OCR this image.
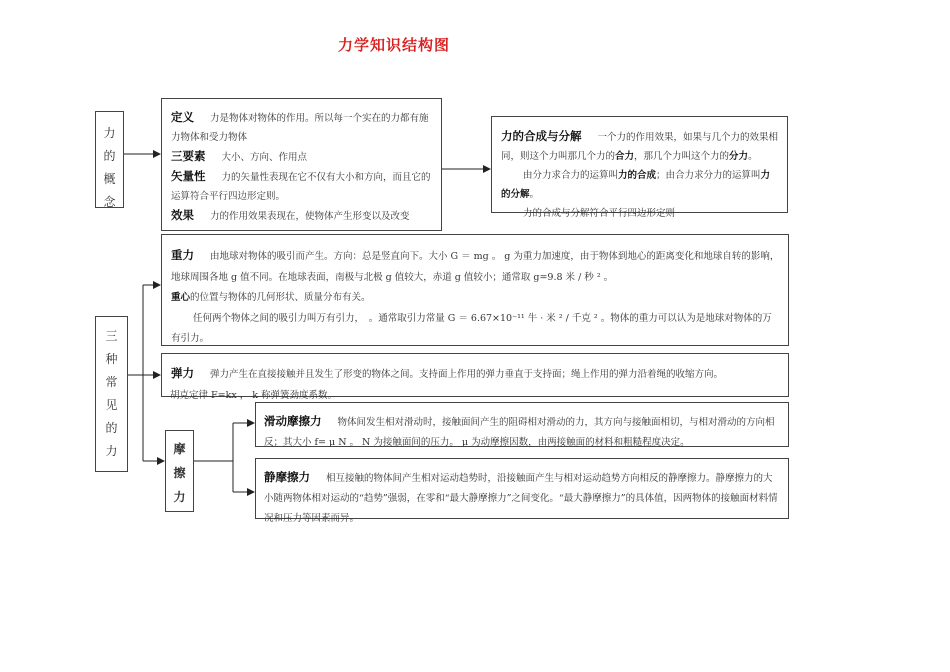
力学知识结构图
力
的
概
念
定义 力是物体对物体的作用。所以每一个实在的力都有施力物体和受力物体
三要素 大小、方向、作用点
矢量性 力的矢量性表现在它不仅有大小和方向，而且它的运算符合平行四边形定则。
效果 力的作用效果表现在，使物体产生形变以及改变
力的合成与分解 一个力的作用效果，如果与几个力的效果相同，则这个力叫那几个力的合力，那几个力叫这个力的分力。
由分力求合力的运算叫力的合成；由合力求分力的运算叫力的分解。
力的合成与分解符合平行四边形定则
三
种
常
见
的
力
重力 由地球对物体的吸引而产生。方向：总是竖直向下。大小 G ＝ mg 。 g 为重力加速度，由于物体到地心的距离变化和地球自转的影响，地球周围各地 g 值不同。在地球表面，南极与北极 g 值较大，赤道 g 值较小；通常取 g=9.8 米 / 秒 ² 。
重心的位置与物体的几何形状、质量分布有关。
任何两个物体之间的吸引力叫万有引力，　。通常取引力常量 G ＝ 6.67×10⁻¹¹ 牛 · 米 ² / 千克 ² 。物体的重力可以认为是地球对物体的万有引力。
弹力 弹力产生在直接接触并且发生了形变的物体之间。支持面上作用的弹力垂直于支持面；绳上作用的弹力沿着绳的收缩方向。
胡克定律 F=kx ， k 称弹簧劲度系数。
摩
擦
力
滑动摩擦力 物体间发生相对滑动时，接触面间产生的阻碍相对滑动的力，其方向与接触面相切，与相对滑动的方向相反；其大小 f= μ N 。 N 为接触面间的压力。 μ 为动摩擦因数，由两接触面的材料和粗糙程度决定。
静摩擦力 相互接触的物体间产生相对运动趋势时，沿接触面产生与相对运动趋势方向相反的静摩擦力。静摩擦力的大小随两物体相对运动的“趋势”强弱，在零和“最大静摩擦力”之间变化。“最大静摩擦力”的具体值，因两物体的接触面材料情况和压力等因素而异。
